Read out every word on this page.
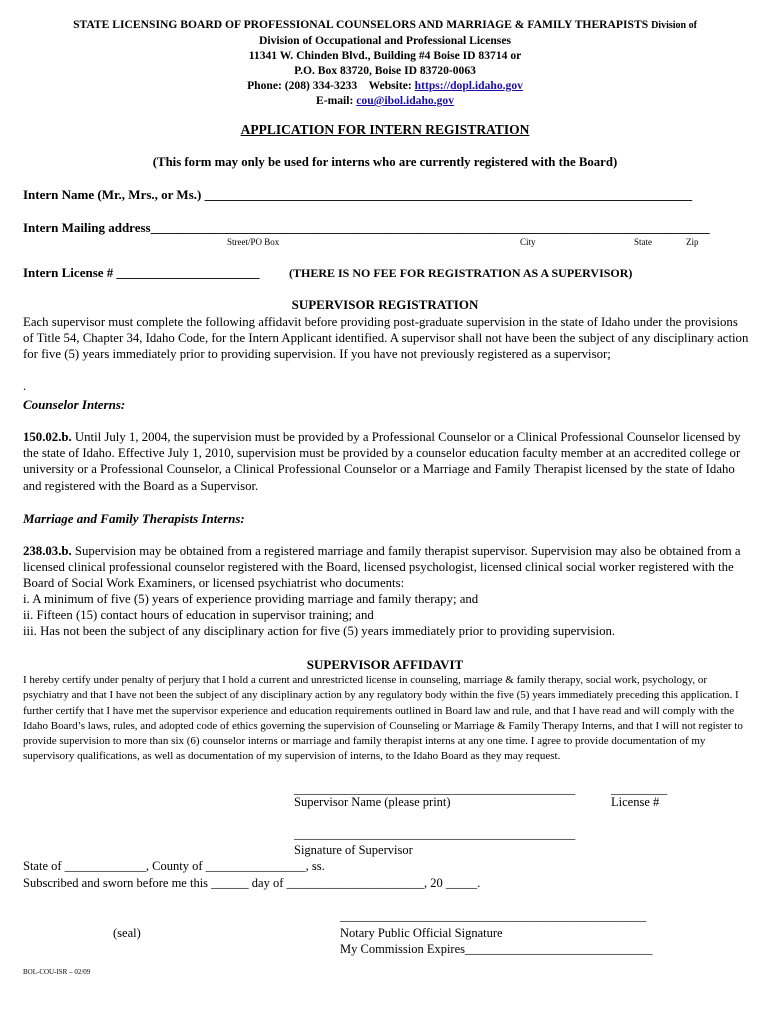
STATE LICENSING BOARD OF PROFESSIONAL COUNSELORS AND MARRIAGE & FAMILY THERAPISTS Division of
Division of Occupational and Professional Licenses
11341 W. Chinden Blvd., Building #4 Boise ID 83714 or
P.O. Box 83720, Boise ID 83720-0063
Phone: (208) 334-3233 Website: https://dopl.idaho.gov
E-mail: cou@ibol.idaho.gov
APPLICATION FOR INTERN REGISTRATION
(This form may only be used for interns who are currently registered with the Board)
Intern Name (Mr., Mrs., or Ms.) ___________________________________________________________________________
Intern Mailing address______________________________________________________________________________________
Street/PO Box	City	State	Zip
Intern License # ______________________ (THERE IS NO FEE FOR REGISTRATION AS A SUPERVISOR)
SUPERVISOR REGISTRATION
Each supervisor must complete the following affidavit before providing post-graduate supervision in the state of Idaho under the provisions of Title 54, Chapter 34, Idaho Code, for the Intern Applicant identified. A supervisor shall not have been the subject of any disciplinary action for five (5) years immediately prior to providing supervision. If you have not previously registered as a supervisor;
.
Counselor Interns:
150.02.b. Until July 1, 2004, the supervision must be provided by a Professional Counselor or a Clinical Professional Counselor licensed by the state of Idaho. Effective July 1, 2010, supervision must be provided by a counselor education faculty member at an accredited college or university or a Professional Counselor, a Clinical Professional Counselor or a Marriage and Family Therapist licensed by the state of Idaho and registered with the Board as a Supervisor.
Marriage and Family Therapists Interns:
238.03.b. Supervision may be obtained from a registered marriage and family therapist supervisor. Supervision may also be obtained from a licensed clinical professional counselor registered with the Board, licensed psychologist, licensed clinical social worker registered with the Board of Social Work Examiners, or licensed psychiatrist who documents:
i. A minimum of five (5) years of experience providing marriage and family therapy; and
ii. Fifteen (15) contact hours of education in supervisor training; and
iii. Has not been the subject of any disciplinary action for five (5) years immediately prior to providing supervision.
SUPERVISOR AFFIDAVIT
I hereby certify under penalty of perjury that I hold a current and unrestricted license in counseling, marriage & family therapy, social work, psychology, or psychiatry and that I have not been the subject of any disciplinary action by any regulatory body within the five (5) years immediately preceding this application. I further certify that I have met the supervisor experience and education requirements outlined in Board law and rule, and that I have read and will comply with the Idaho Board’s laws, rules, and adopted code of ethics governing the supervision of Counseling or Marriage & Family Therapy Interns, and that I will not register to provide supervision to more than six (6) counselor interns or marriage and family therapist interns at any one time. I agree to provide documentation of my supervisory qualifications, as well as documentation of my supervision of interns, to the Idaho Board as they may request.
_____________________________________________	_________
Supervisor Name (please print)	License #
_____________________________________________
Signature of Supervisor
State of _____________, County of ________________, ss.
Subscribed and sworn before me this ______ day of ______________________, 20 _____.
_________________________________________________
(seal)	Notary Public Official Signature
My Commission Expires______________________________
BOL-COU-ISR – 02/09
